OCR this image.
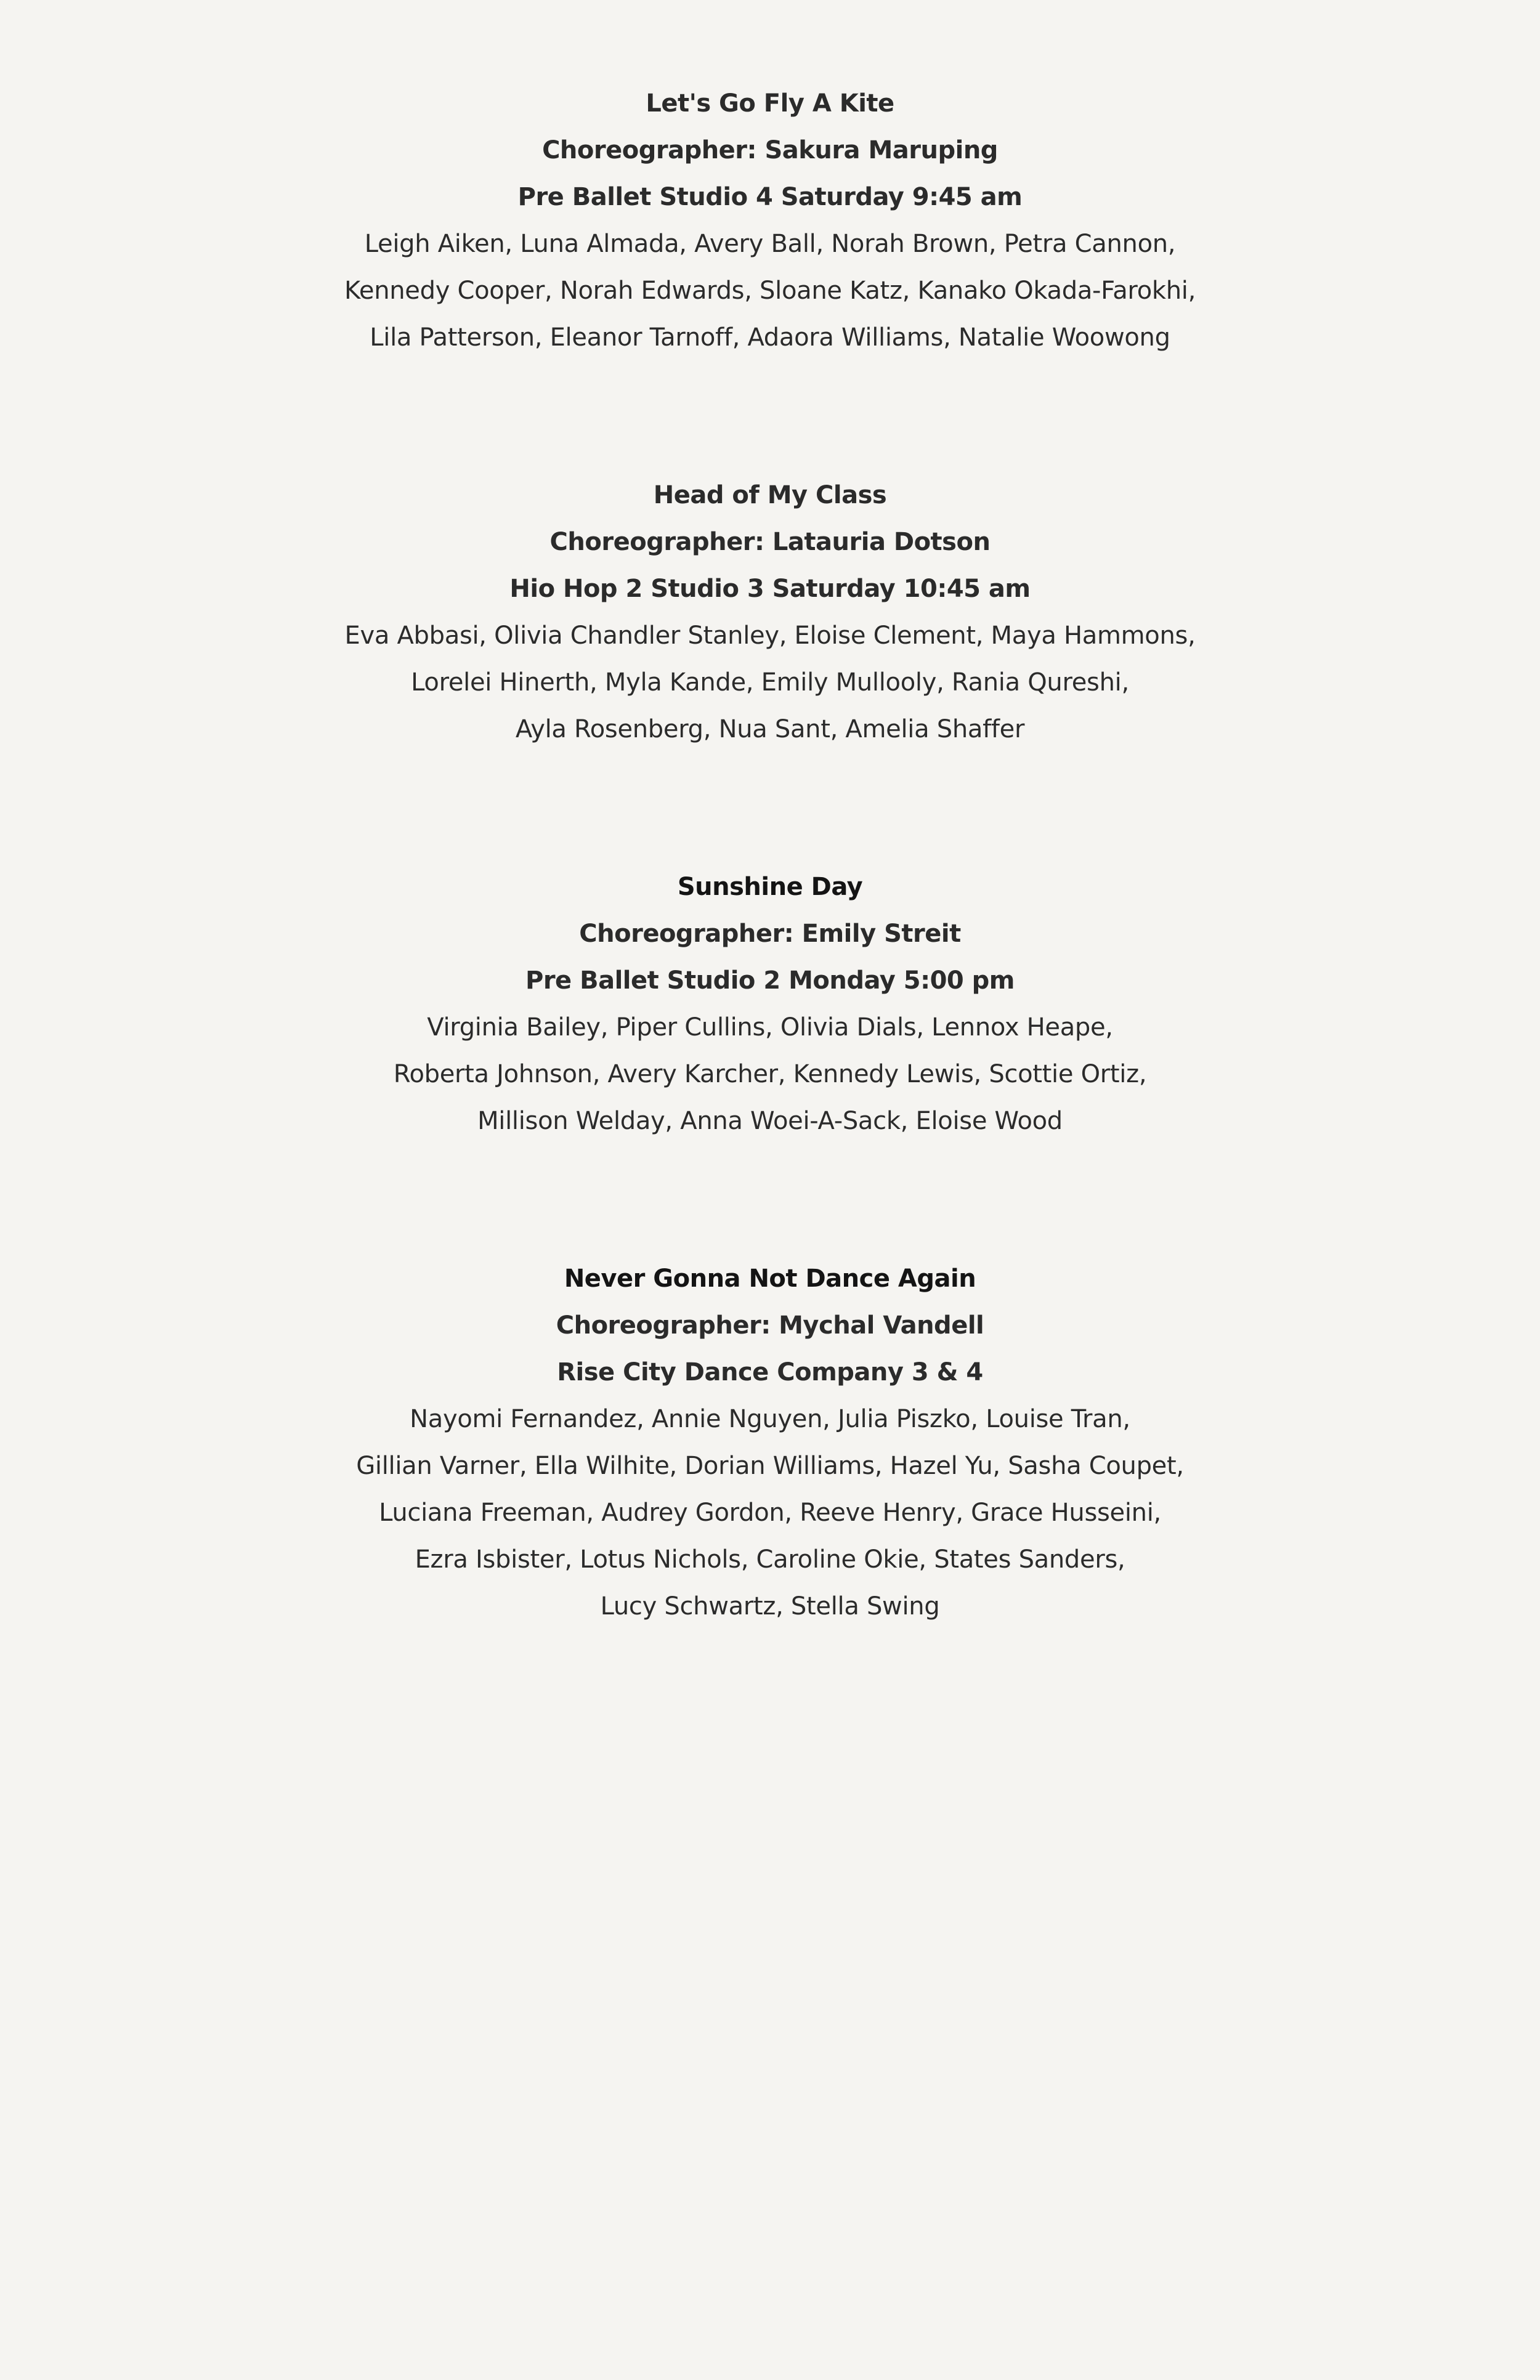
Let's Go Fly A Kite
Choreographer: Sakura Maruping
Pre Ballet Studio 4 Saturday 9:45 am
Leigh Aiken, Luna Almada, Avery Ball, Norah Brown, Petra Cannon,
Kennedy Cooper, Norah Edwards, Sloane Katz, Kanako Okada-Farokhi,
Lila Patterson, Eleanor Tarnoff, Adaora Williams, Natalie Woowong
Head of My Class
Choreographer: Latauria Dotson
Hio Hop 2 Studio 3 Saturday 10:45 am
Eva Abbasi, Olivia Chandler Stanley, Eloise Clement, Maya Hammons,
Lorelei Hinerth, Myla Kande, Emily Mullooly, Rania Qureshi,
Ayla Rosenberg, Nua Sant, Amelia Shaffer
Sunshine Day
Choreographer: Emily Streit
Pre Ballet Studio 2 Monday 5:00 pm
Virginia Bailey, Piper Cullins, Olivia Dials, Lennox Heape,
Roberta Johnson, Avery Karcher, Kennedy Lewis, Scottie Ortiz,
Millison Welday, Anna Woei-A-Sack, Eloise Wood
Never Gonna Not Dance Again
Choreographer: Mychal Vandell
Rise City Dance Company 3 & 4
Nayomi Fernandez, Annie Nguyen, Julia Piszko, Louise Tran,
Gillian Varner, Ella Wilhite, Dorian Williams, Hazel Yu, Sasha Coupet,
Luciana Freeman, Audrey Gordon, Reeve Henry, Grace Husseini,
Ezra Isbister, Lotus Nichols, Caroline Okie, States Sanders,
Lucy Schwartz, Stella Swing
